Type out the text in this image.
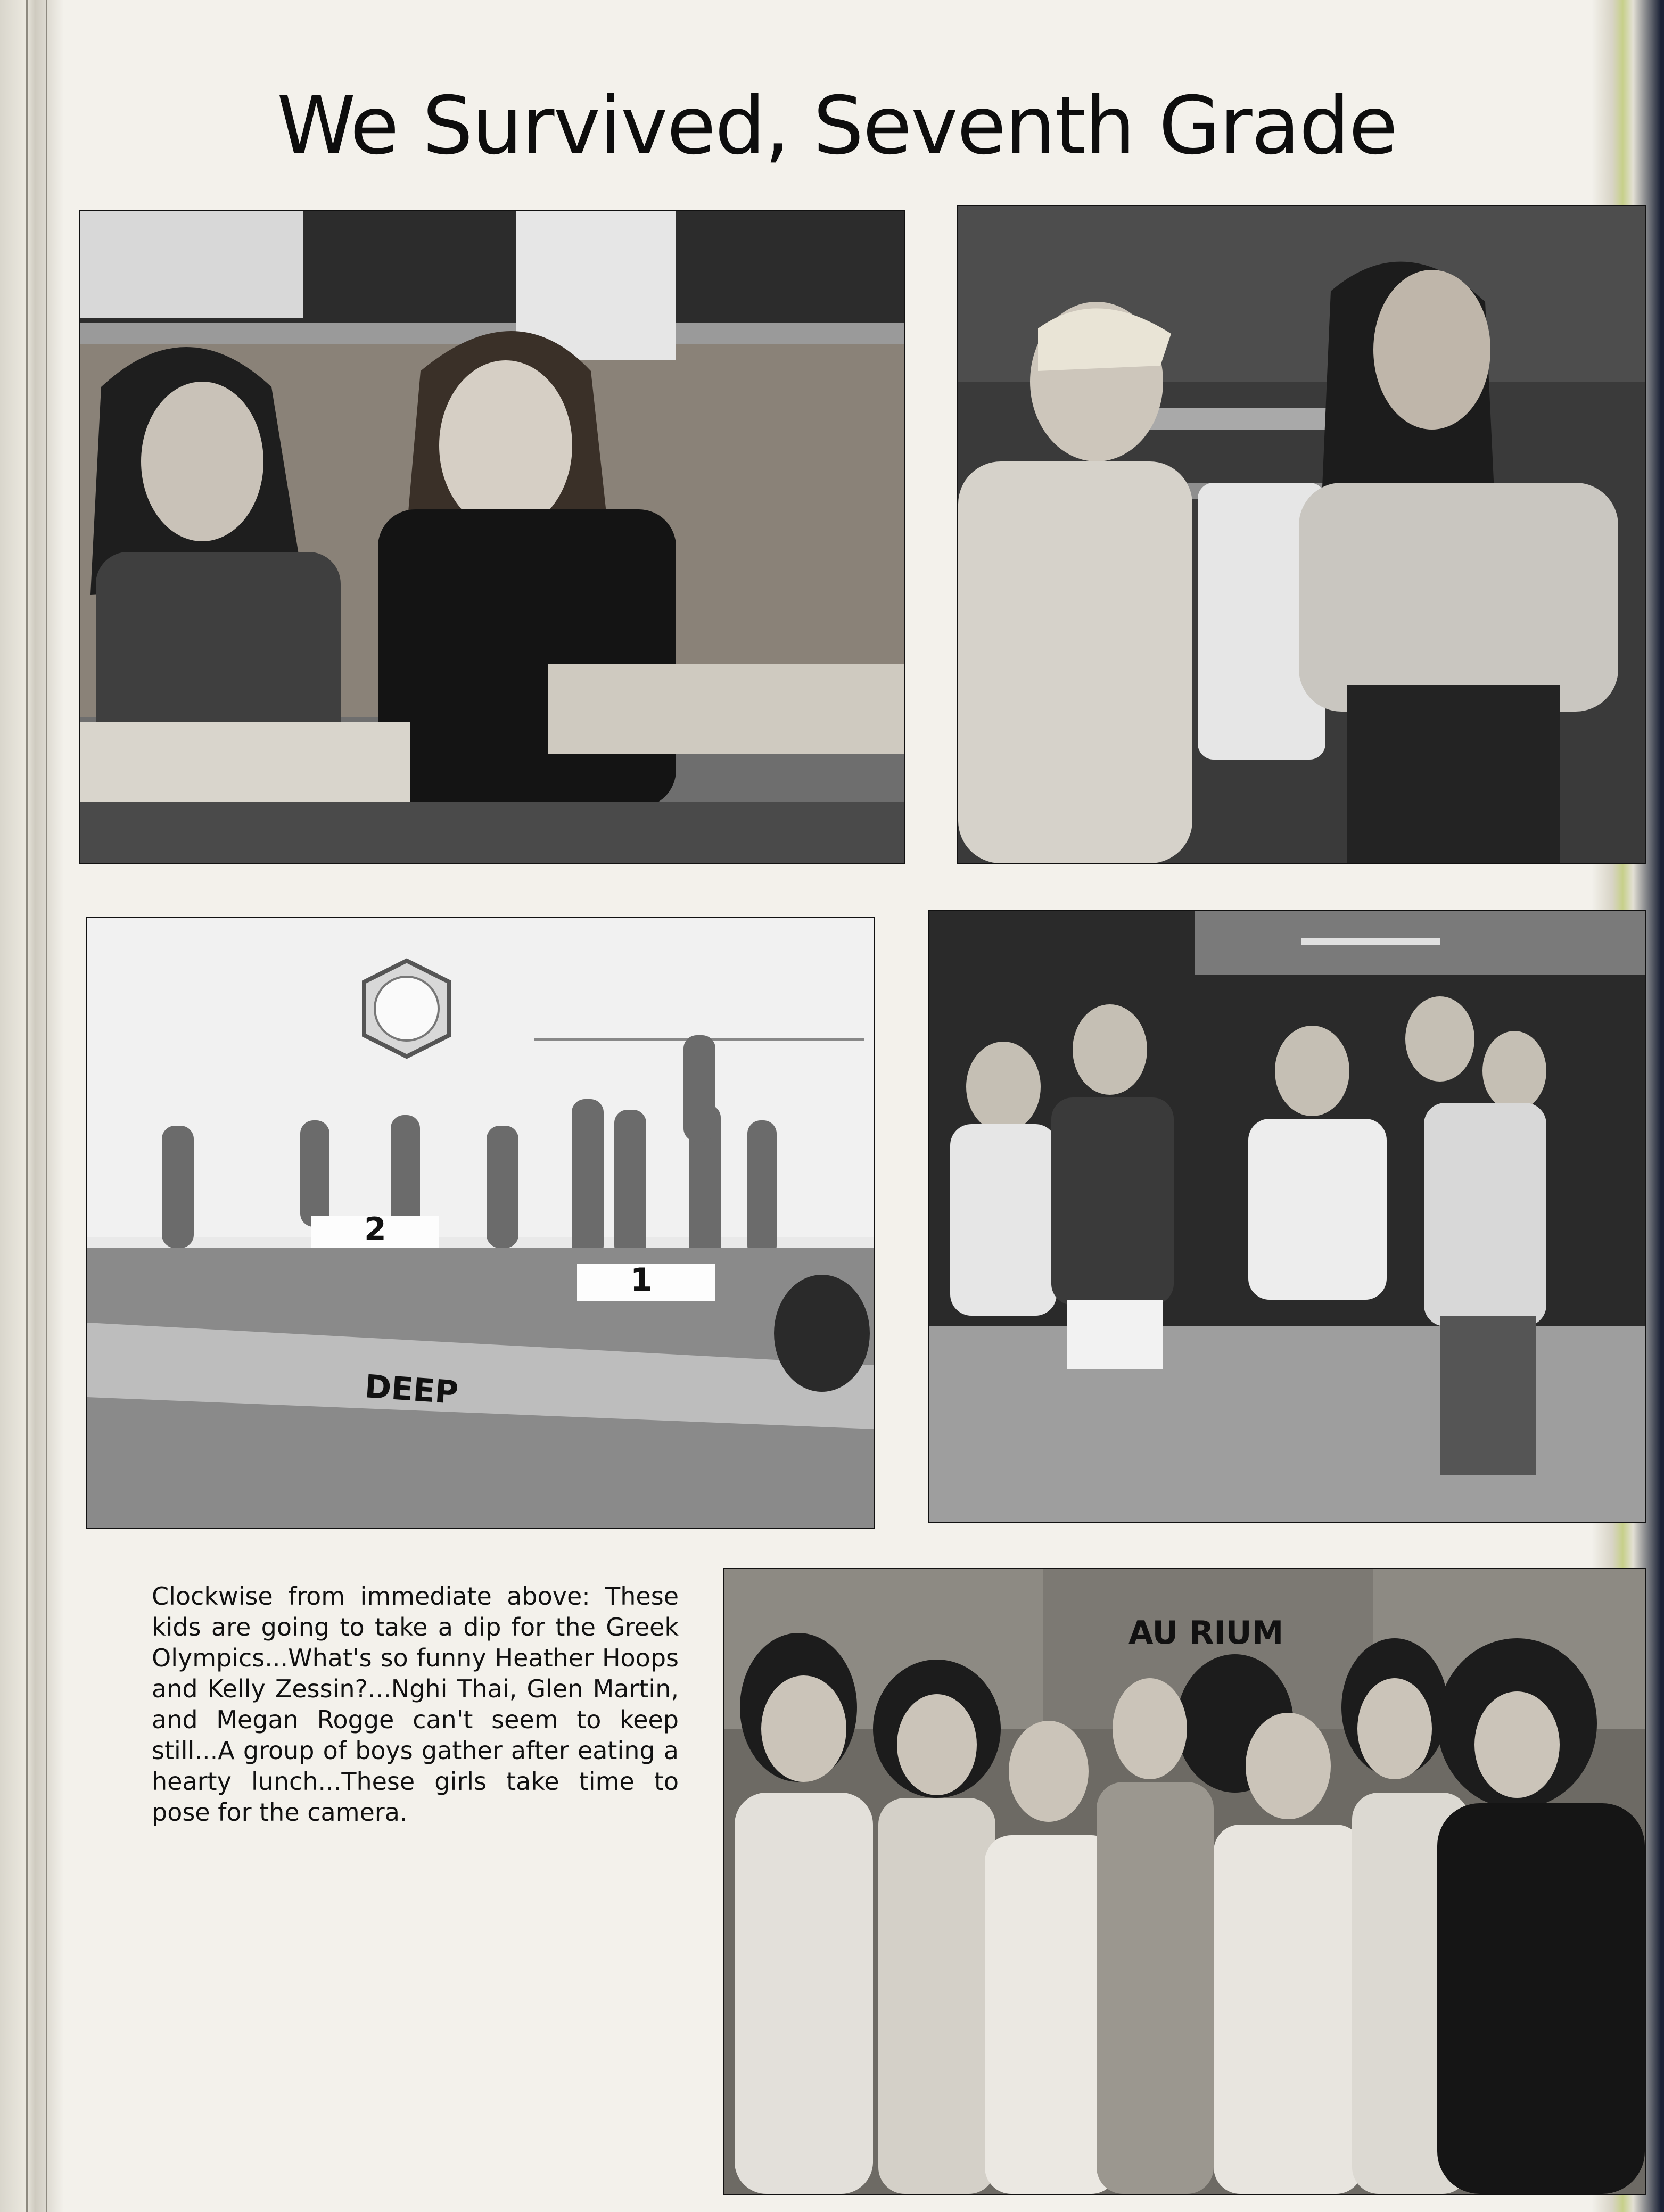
We Survived, Seventh Grade
2
1
DEEP

Clockwise from immediate above: These kids are going to take a dip for the Greek Olympics...What's so funny Heather Hoops and Kelly Zessin?...Nghi Thai, Glen Martin, and Megan Rogge can't seem to keep still...A group of boys gather after eating a hearty lunch...These girls take time to pose for the camera.

AU RIUM
